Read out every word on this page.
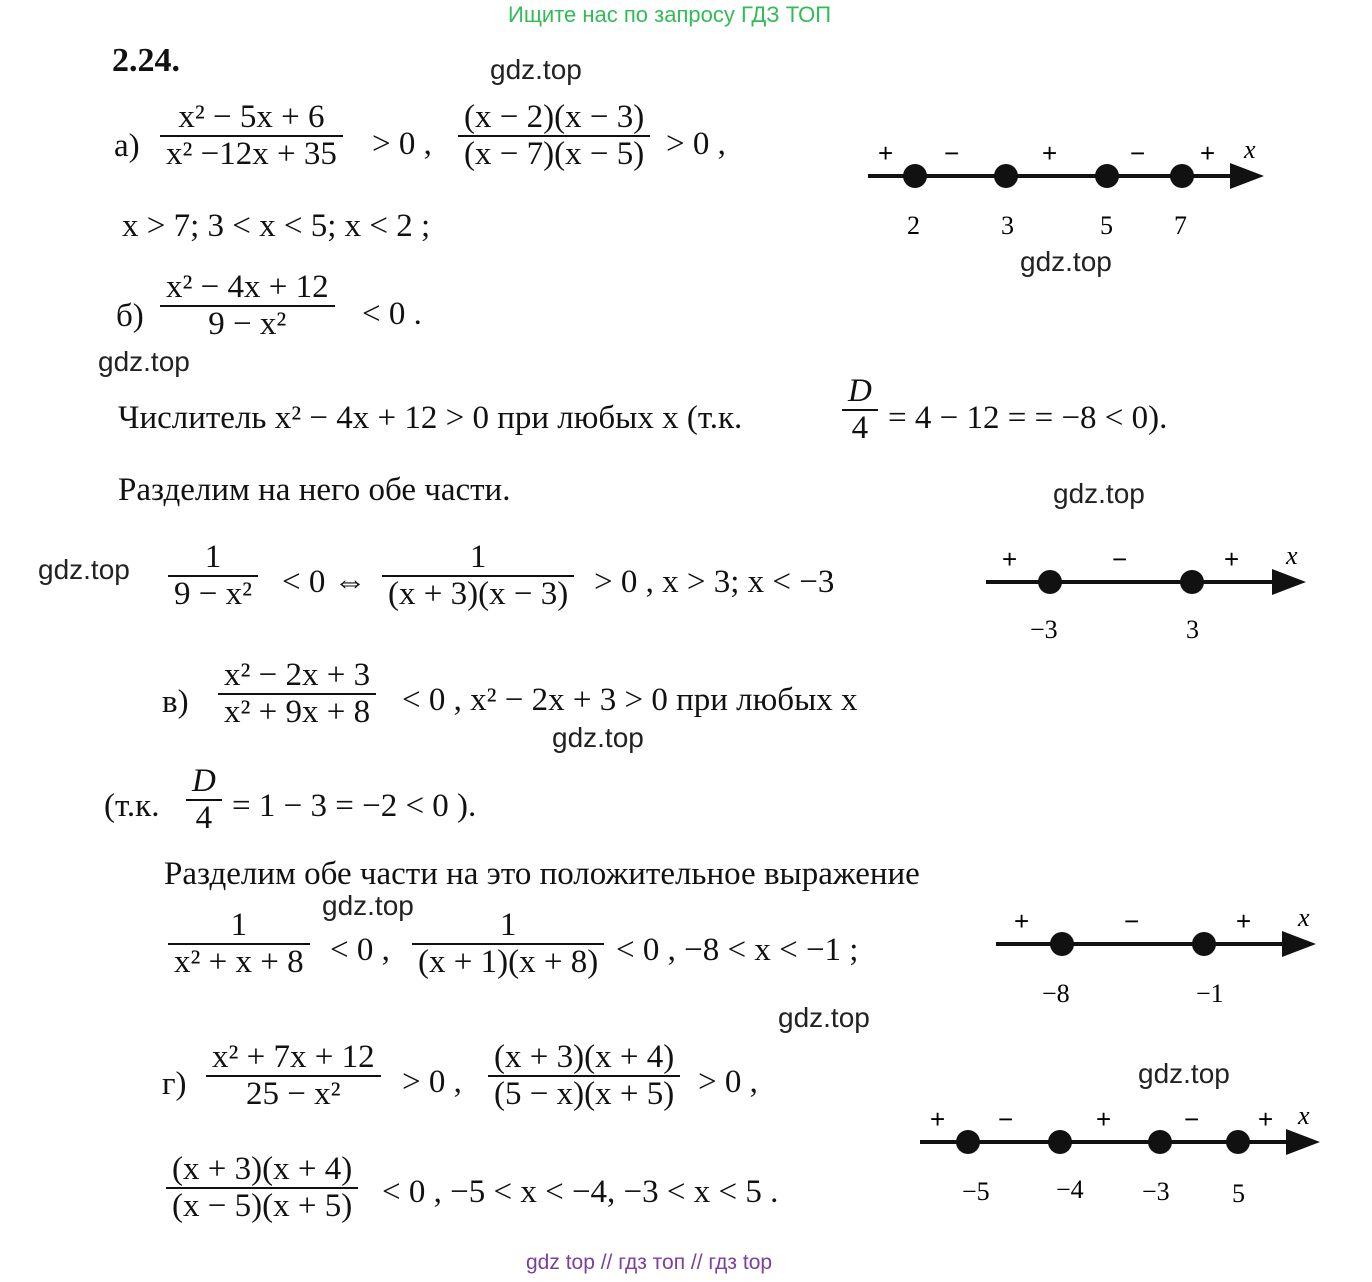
Ищите нас по запросу ГДЗ ТОП
2.24.	gdz.top
gdz.top
gdz.top
gdz.top
gdz.top
gdz.top
gdz.top
gdz.top
gdz.top
а)
x² − 5x + 6
x² −12x + 35 > 0 ,
(x − 2)(x − 3)
(x − 7)(x − 5) > 0 ,
x > 7; 3 < x < 5; x < 2 ;
+ −	+	− + x
2	3	5 7
б)
x² − 4x + 12
9 − x² < 0 .
Числитель x² − 4x + 12 > 0 при любых x (т.к.
D
4 = 4 − 12 = = −8 < 0).
Разделим на него обе части.
1
9 − x² < 0 ⇔
1
(x + 3)(x − 3) > 0 , x > 3; x < −3
+	−	+ x
−3	3
в)
x² − 2x + 3
x² + 9x + 8 < 0 , x² − 2x + 3 > 0 при любых x
(т.к.
D
4 = 1 − 3 = −2 < 0 ).
Разделим обе части на это положительное выражение
1
x² + x + 8 < 0 ,
1
(x + 1)(x + 8) < 0 , −8 < x < −1 ;
+	−	+ x
−8	−1
г)
x² + 7x + 12
25 − x² > 0 ,
(x + 3)(x + 4)
(5 − x)(x + 5) > 0 ,
(x + 3)(x + 4)
(x − 5)(x + 5) < 0 , −5 < x < −4, −3 < x < 5 .
+ −	+	− + x
−5	−4 −3 5
gdz top // гдз топ // гдз top
